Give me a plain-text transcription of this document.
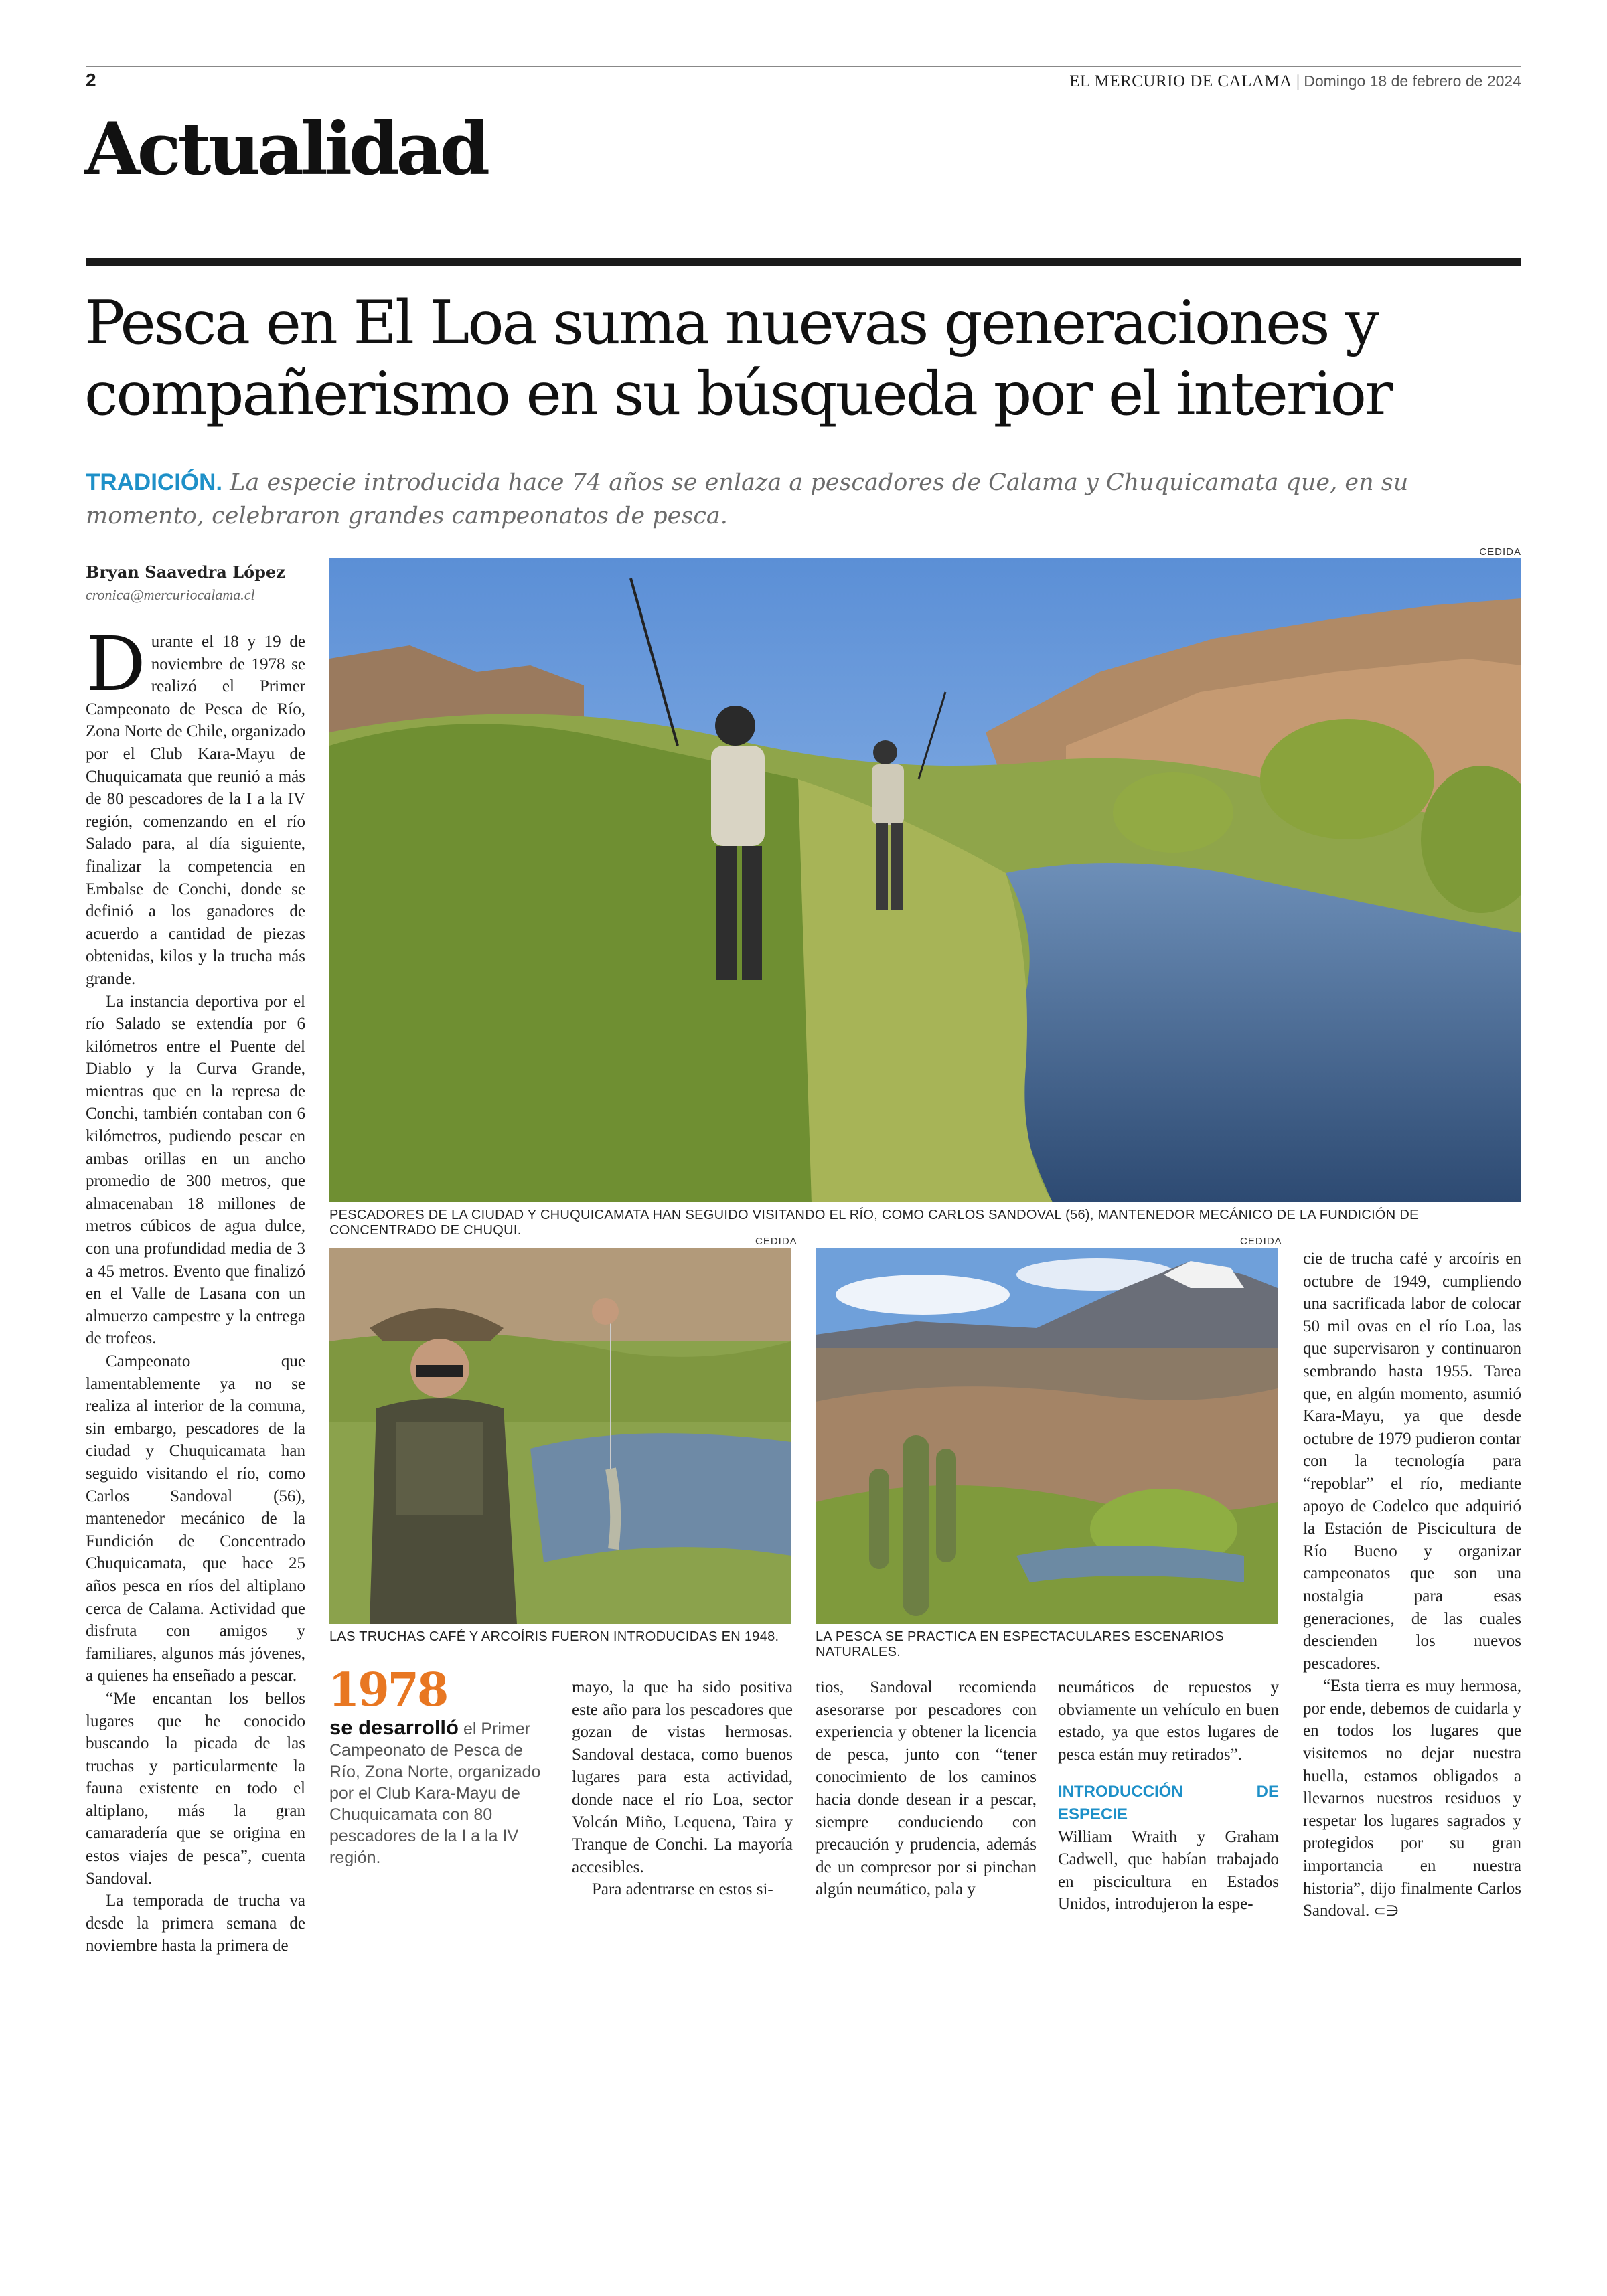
2	EL MERCURIO DE CALAMA | Domingo 18 de febrero de 2024
Actualidad
Pesca en El Loa suma nuevas generaciones y compañerismo en su búsqueda por el interior
TRADICIÓN. La especie introducida hace 74 años se enlaza a pescadores de Calama y Chuquicamata que, en su momento, celebraron grandes campeonatos de pesca.
Bryan Saavedra López
cronica@mercuriocalama.cl
CEDIDA
PESCADORES DE LA CIUDAD Y CHUQUICAMATA HAN SEGUIDO VISITANDO EL RÍO, COMO CARLOS SANDOVAL (56), MANTENEDOR MECÁNICO DE LA FUNDICIÓN DE CONCENTRADO DE CHUQUI.
CEDIDA
LAS TRUCHAS CAFÉ Y ARCOÍRIS FUERON INTRODUCIDAS EN 1948.
CEDIDA
LA PESCA SE PRACTICA EN ESPECTACULARES ESCENARIOS NATURALES.

Durante el 18 y 19 de noviembre de 1978 se realizó el Primer Campeonato de Pesca de Río, Zona Norte de Chile, organizado por el Club Kara-Mayu de Chuquicamata que reunió a más de 80 pescadores de la I a la IV región, comenzando en el río Salado para, al día siguiente, finalizar la competencia en Embalse de Conchi, donde se definió a los ganadores de acuerdo a cantidad de piezas obtenidas, kilos y la trucha más grande.

La instancia deportiva por el río Salado se extendía por 6 kilómetros entre el Puente del Diablo y la Curva Grande, mientras que en la represa de Conchi, también contaban con 6 kilómetros, pudiendo pescar en ambas orillas en un ancho promedio de 300 metros, que almacenaban 18 millones de metros cúbicos de agua dulce, con una profundidad media de 3 a 45 metros. Evento que finalizó en el Valle de Lasana con un almuerzo campestre y la entrega de trofeos.

Campeonato que lamentablemente ya no se realiza al interior de la comuna, sin embargo, pescadores de la ciudad y Chuquicamata han seguido visitando el río, como Carlos Sandoval (56), mantenedor mecánico de la Fundición de Concentrado Chuquicamata, que hace 25 años pesca en ríos del altiplano cerca de Calama. Actividad que disfruta con amigos y familiares, algunos más jóvenes, a quienes ha enseñado a pescar.

“Me encantan los bellos lugares que he conocido buscando la picada de las truchas y particularmente la fauna existente en todo el altiplano, más la gran camaradería que se origina en estos viajes de pesca”, cuenta Sandoval.

La temporada de trucha va desde la primera semana de noviembre hasta la primera de

1978
se desarrolló el Primer Campeonato de Pesca de Río, Zona Norte, organizado por el Club Kara-Mayu de Chuquicamata con 80 pescadores de la I a la IV región.

mayo, la que ha sido positiva este año para los pescadores que gozan de vistas hermosas. Sandoval destaca, como buenos lugares para esta actividad, donde nace el río Loa, sector Volcán Miño, Lequena, Taira y Tranque de Conchi. La mayoría accesibles.

Para adentrarse en estos si-

tios, Sandoval recomienda asesorarse por pescadores con experiencia y obtener la licencia de pesca, junto con “tener conocimiento de los caminos hacia donde desean ir a pescar, siempre conduciendo con precaución y prudencia, además de un compresor por si pinchan algún neumático, pala y

neumáticos de repuestos y obviamente un vehículo en buen estado, ya que estos lugares de pesca están muy retirados”.

INTRODUCCIÓN DE ESPECIE

William Wraith y Graham Cadwell, que habían trabajado en piscicultura en Estados Unidos, introdujeron la espe-

cie de trucha café y arcoíris en octubre de 1949, cumpliendo una sacrificada labor de colocar 50 mil ovas en el río Loa, las que supervisaron y continuaron sembrando hasta 1955. Tarea que, en algún momento, asumió Kara-Mayu, ya que desde octubre de 1979 pudieron contar con la tecnología para “repoblar” el río, mediante apoyo de Codelco que adquirió la Estación de Piscicultura de Río Bueno y organizar campeonatos que son una nostalgia para esas generaciones, de las cuales descienden los nuevos pescadores.

“Esta tierra es muy hermosa, por ende, debemos de cuidarla y en todos los lugares que visitemos no dejar nuestra huella, estamos obligados a llevarnos nuestros residuos y respetar los lugares sagrados y protegidos por su gran importancia en nuestra historia”, dijo finalmente Carlos Sandoval. ⊂∋
